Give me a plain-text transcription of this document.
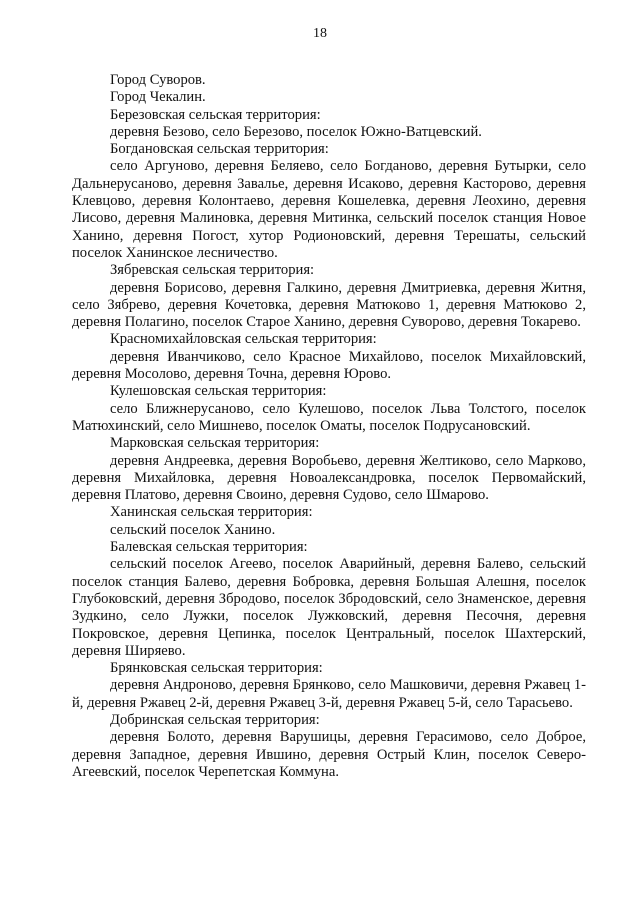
18

Город Суворов.

Город Чекалин.

Березовская сельская территория:

деревня Безово, село Березово, поселок Южно-Ватцевский.

Богдановская сельская территория:

село Аргуново, деревня Беляево, село Богданово, деревня Бутырки, село Дальнерусаново, деревня Завалье, деревня Исаково, деревня Касторово, деревня Клевцово, деревня Колонтаево, деревня Кошелевка, деревня Леохино, деревня Лисово, деревня Малиновка, деревня Митинка, сельский поселок станция Новое Ханино, деревня Погост, хутор Родионовский, деревня Терешаты, сельский поселок Ханинское лесничество.

Зябревская сельская территория:

деревня Борисово, деревня Галкино, деревня Дмитриевка, деревня Житня, село Зябрево, деревня Кочетовка, деревня Матюково 1, деревня Матюково 2, деревня Полагино, поселок Старое Ханино, деревня Суворово, деревня Токарево.

Красномихайловская сельская территория:

деревня Иванчиково, село Красное Михайлово, поселок Михайловский, деревня Мосолово, деревня Точна, деревня Юрово.

Кулешовская сельская территория:

село Ближнерусаново, село Кулешово, поселок Льва Толстого, поселок Матюхинский, село Мишнево, поселок Оматы, поселок Подрусановский.

Марковская сельская территория:

деревня Андреевка, деревня Воробьево, деревня Желтиково, село Марково, деревня Михайловка, деревня Новоалександровка, поселок Первомайский, деревня Платово, деревня Своино, деревня Судово, село Шмарово.

Ханинская сельская территория:

сельский поселок Ханино.

Балевская сельская территория:

сельский поселок Агеево, поселок Аварийный, деревня Балево, сельский поселок станция Балево, деревня Бобровка, деревня Большая Алешня, поселок Глубоковский, деревня Збродово, поселок Збродовский, село Знаменское, деревня Зудкино, село Лужки, поселок Лужковский, деревня Песочня, деревня Покровское, деревня Цепинка, поселок Центральный, поселок Шахтерский, деревня Ширяево.

Брянковская сельская территория:

деревня Андроново, деревня Брянково, село Машковичи, деревня Ржавец 1-й, деревня Ржавец 2-й, деревня Ржавец 3-й, деревня Ржавец 5-й, село Тарасьево.

Добринская сельская территория:

деревня Болото, деревня Варушицы, деревня Герасимово, село Доброе, деревня Западное, деревня Ившино, деревня Острый Клин, поселок Северо-Агеевский, поселок Черепетская Коммуна.
